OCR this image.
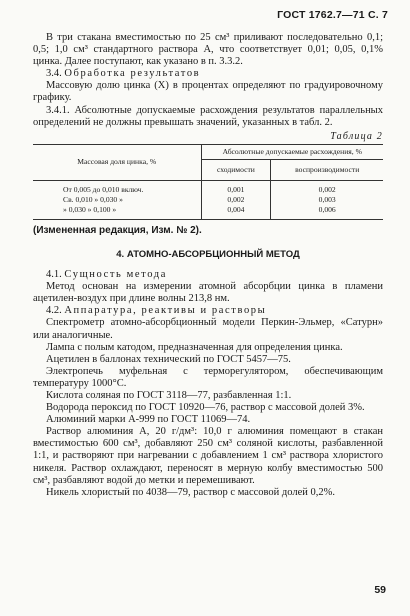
ГОСТ 1762.7—71 С. 7

В три стакана вместимостью по 25 см³ приливают последовательно 0,1; 0,5; 1,0 см³ стандартного раствора А, что соответствует 0,01; 0,05, 0,1% цинка. Далее поступают, как указано в п. 3.3.2.

3.4. Обработка результатов

Массовую долю цинка (X) в процентах определяют по градуировочному графику.

3.4.1. Абсолютные допускаемые расхождения результатов параллельных определений не должны превышать значений, указанных в табл. 2.

Таблица 2
Массовая доля цинка, %	Абсолютные допускаемые расхождения, %	
	сходимости	воспроизводимости
От 0,005 до 0,010 включ.	0,001	0,002
Св. 0,010 » 0,030 »	0,002	0,003
» 0,030 » 0,100 »	0,004	0,006

(Измененная редакция, Изм. № 2).

4. АТОМНО-АБСОРБЦИОННЫЙ МЕТОД

4.1. Сущность метода

Метод основан на измерении атомной абсорбции цинка в пламени ацетилен-воздух при длине волны 213,8 нм.

4.2. Аппаратура, реактивы и растворы

Спектрометр атомно-абсорбционный модели Перкин-Эльмер, «Сатурн» или аналогичные.

Лампа с полым катодом, предназначенная для определения цинка.

Ацетилен в баллонах технический по ГОСТ 5457—75.

Электропечь муфельная с терморегулятором, обеспечивающим температуру 1000°C.

Кислота соляная по ГОСТ 3118—77, разбавленная 1:1.

Водорода пероксид по ГОСТ 10920—76, раствор с массовой долей 3%.

Алюминий марки А-999 по ГОСТ 11069—74.

Раствор алюминия А, 20 г/дм³: 10,0 г алюминия помещают в стакан вместимостью 600 см³, добавляют 250 см³ соляной кислоты, разбавленной 1:1, и растворяют при нагревании с добавлением 1 см³ раствора хлористого никеля. Раствор охлаждают, переносят в мерную колбу вместимостью 500 см³, разбавляют водой до метки и перемешивают.

Никель хлористый по 4038—79, раствор с массовой долей 0,2%.

59
